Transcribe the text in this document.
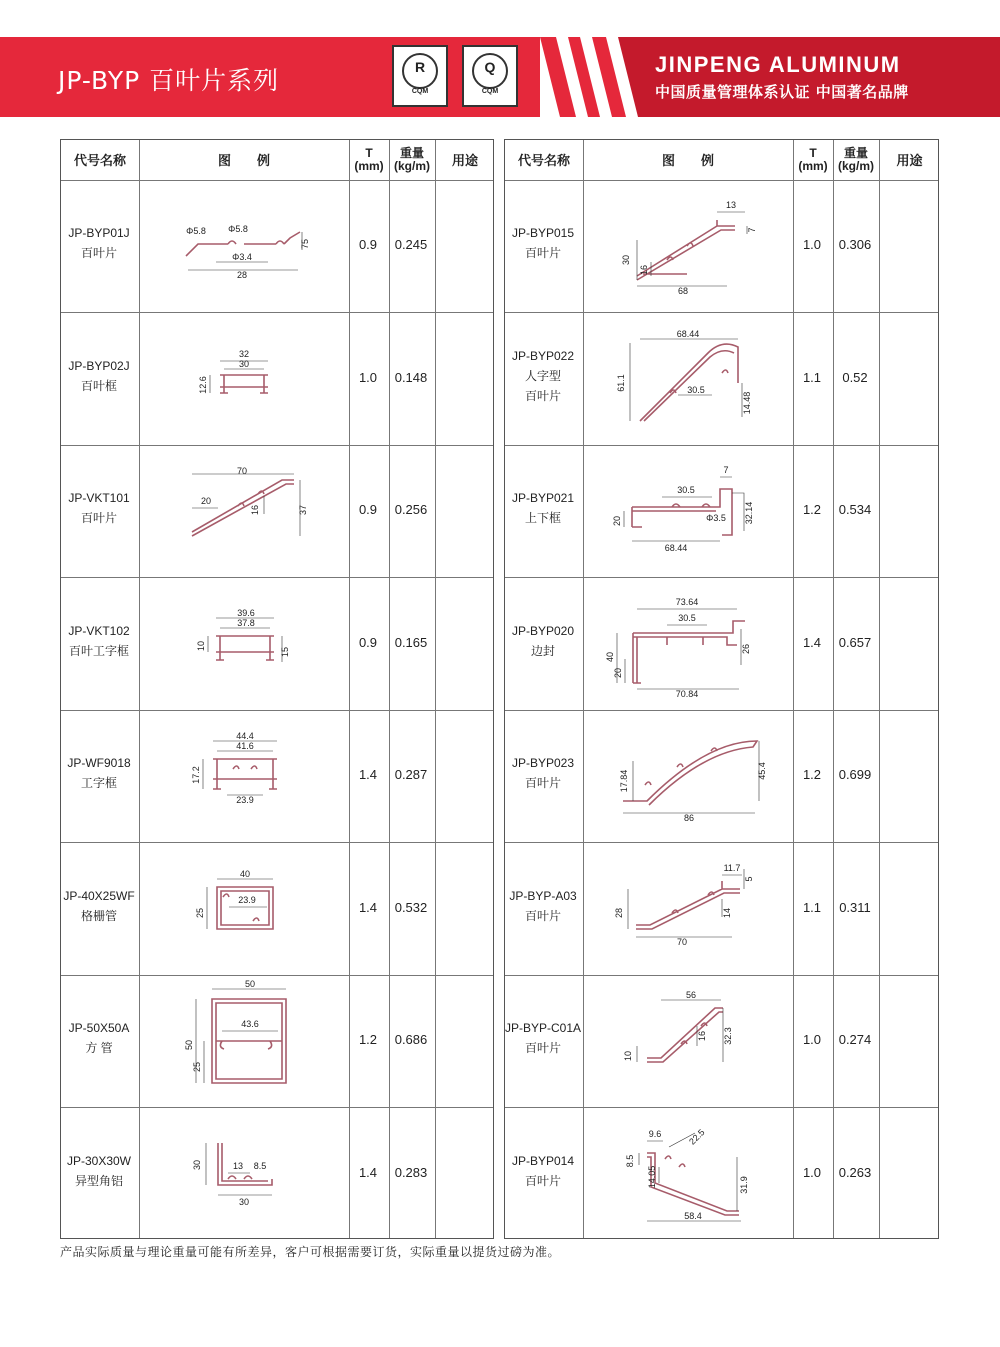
JP-BYP 百叶片系列	R
CQM
Q
CQM
JINPENG ALUMINUM
中国质量管理体系认证 中国著名品牌
代号名称	图　　例	T
(mm)
重量
(kg/m)	用途	代号名称	图　　例	T
(mm)
重量
(kg/m)	用途
JP-BYP01J
百叶片
0.9	0.245
Φ5.8 Φ5.8
Φ3.4
28
75
JP-BYP02J
百叶框
1.0	0.148
32
30
12.6
JP-VKT101
百叶片
0.9	0.256
70
20
16	37
JP-VKT102
百叶工字框
0.9	0.165
39.6
37.8
10
15
JP-WF9018
工字框
1.4	0.287
44.4
41.6
17.2
23.9
JP-40X25WF
格栅管
1.4	0.532
40
25
23.9
JP-50X50A
方 管
1.2	0.686
50
43.6
50
25
JP-30X30W
异型角铝
1.4	0.283
30	13 8.5
30
JP-BYP015
百叶片
1.0	0.306
13
7
30
16
68
JP-BYP022
人字型
百叶片
1.1	0.52
68.44
61.1	30.5
14.48
JP-BYP021
上下框
1.2	0.534
7
30.5
20	Φ3.5 32.14
68.44
JP-BYP020
边封
1.4	0.657
73.64
30.5
40
20
26
70.84
JP-BYP023
百叶片
1.2	0.699
17.84	45.4
86
JP-BYP-A03
百叶片
1.1	0.311
11.7
5
28	14
70
JP-BYP-C01A
百叶片
1.0	0.274
56
10
16 32.3
JP-BYP014
百叶片
1.0	0.263
9.6	22.5
8.5
14.05	31.9
58.4
产品实际质量与理论重量可能有所差异，客户可根据需要订货，实际重量以提货过磅为准。
